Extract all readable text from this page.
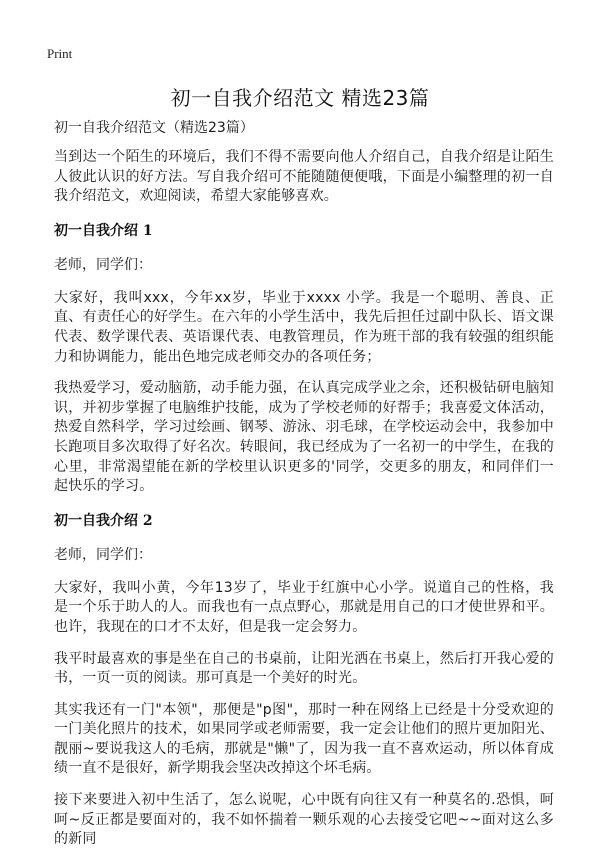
Print
初一自我介绍范文 精选23篇

初一自我介绍范文（精选23篇）

当到达一个陌生的环境后，我们不得不需要向他人介绍自己，自我介绍是让陌生人彼此认识的好方法。写自我介绍可不能随随便便哦，下面是小编整理的初一自我介绍范文，欢迎阅读，希望大家能够喜欢。

初一自我介绍 1

老师，同学们：

大家好，我叫xxx，今年xx岁，毕业于xxxx 小学。我是一个聪明、善良、正直、有责任心的好学生。在六年的小学生活中，我先后担任过副中队长、语文课代表、数学课代表、英语课代表、电教管理员，作为班干部的我有较强的组织能力和协调能力，能出色地完成老师交办的各项任务；

我热爱学习，爱动脑筋，动手能力强，在认真完成学业之余，还积极钻研电脑知识，并初步掌握了电脑维护技能，成为了学校老师的好帮手；我喜爱文体活动，热爱自然科学，学习过绘画、钢琴、游泳、羽毛球，在学校运动会中，我参加中长跑项目多次取得了好名次。转眼间，我已经成为了一名初一的中学生，在我的心里，非常渴望能在新的学校里认识更多的'同学，交更多的朋友，和同伴们一起快乐的学习。

初一自我介绍 2

老师，同学们：

大家好，我叫小黄，今年13岁了，毕业于红旗中心小学。说道自己的性格，我是一个乐于助人的人。而我也有一点点野心，那就是用自己的口才使世界和平。也许，我现在的口才不太好，但是我一定会努力。

我平时最喜欢的事是坐在自己的书桌前，让阳光洒在书桌上，然后打开我心爱的书，一页一页的阅读。那可真是一个美好的时光。

其实我还有一门"本领"，那便是"p图"，那时一种在网络上已经是十分受欢迎的一门美化照片的技术，如果同学或老师需要，我一定会让他们的照片更加阳光、靓丽~要说我这人的毛病，那就是"懒"了，因为我一直不喜欢运动，所以体育成绩一直不是很好，新学期我会坚决改掉这个坏毛病。

接下来要进入初中生活了，怎么说呢，心中既有向往又有一种莫名的.恐惧，呵呵~反正都是要面对的，我不如怀揣着一颗乐观的心去接受它吧~~面对这么多的新同
